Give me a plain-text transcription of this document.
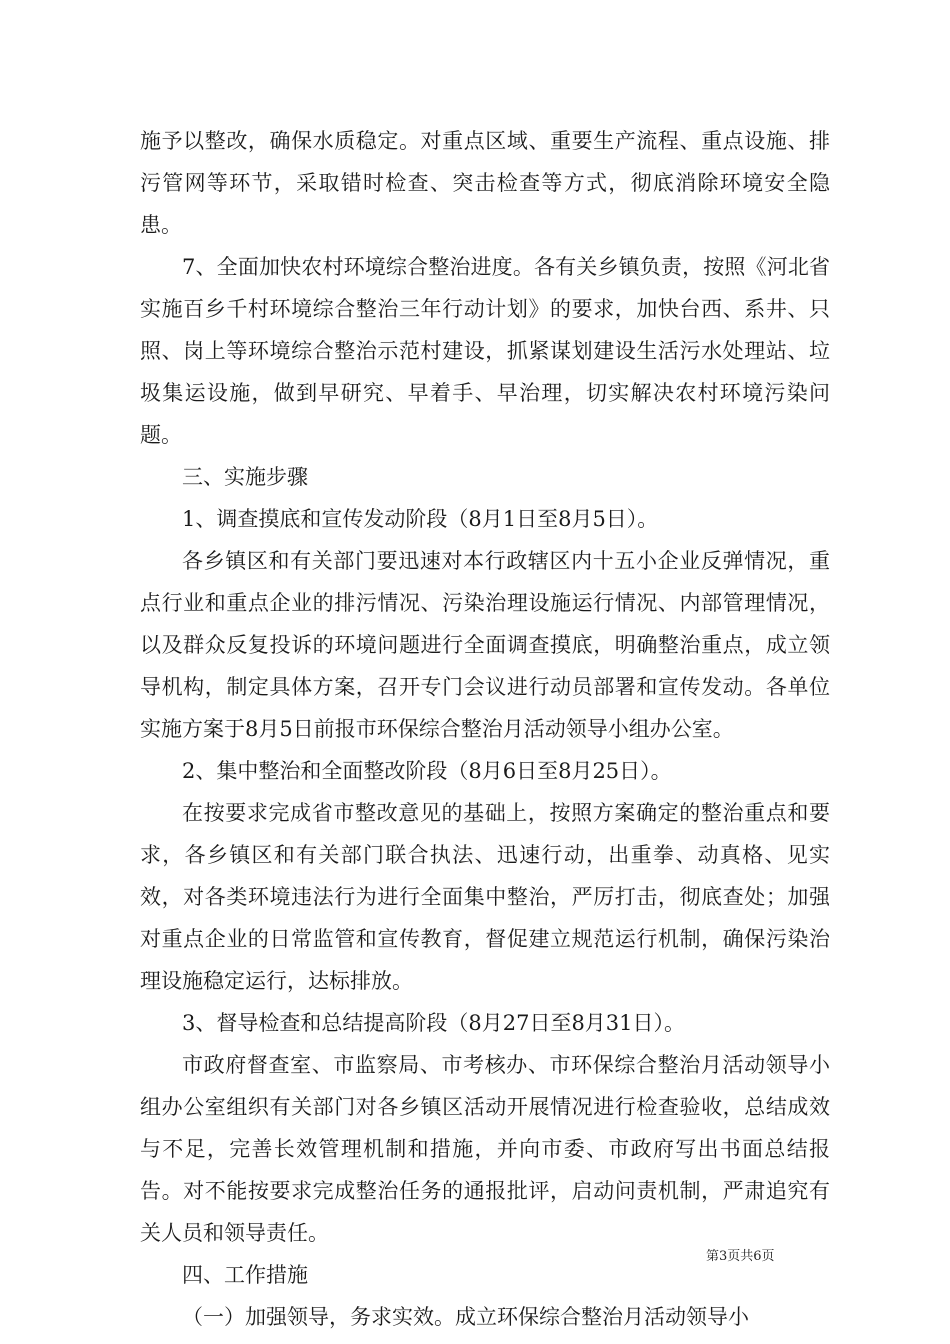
施予以整改，确保水质稳定。对重点区域、重要生产流程、重点设施、排污管网等环节，采取错时检查、突击检查等方式，彻底消除环境安全隐患。

7、全面加快农村环境综合整治进度。各有关乡镇负责，按照《河北省实施百乡千村环境综合整治三年行动计划》的要求，加快台西、系井、只照、岗上等环境综合整治示范村建设，抓紧谋划建设生活污水处理站、垃圾集运设施，做到早研究、早着手、早治理，切实解决农村环境污染问题。

三、实施步骤

1、调查摸底和宣传发动阶段（8月1日至8月5日）。

各乡镇区和有关部门要迅速对本行政辖区内十五小企业反弹情况，重点行业和重点企业的排污情况、污染治理设施运行情况、内部管理情况，以及群众反复投诉的环境问题进行全面调查摸底，明确整治重点，成立领导机构，制定具体方案，召开专门会议进行动员部署和宣传发动。各单位实施方案于8月5日前报市环保综合整治月活动领导小组办公室。

2、集中整治和全面整改阶段（8月6日至8月25日）。

在按要求完成省市整改意见的基础上，按照方案确定的整治重点和要求，各乡镇区和有关部门联合执法、迅速行动，出重拳、动真格、见实效，对各类环境违法行为进行全面集中整治，严厉打击，彻底查处；加强对重点企业的日常监管和宣传教育，督促建立规范运行机制，确保污染治理设施稳定运行，达标排放。

3、督导检查和总结提高阶段（8月27日至8月31日）。

市政府督查室、市监察局、市考核办、市环保综合整治月活动领导小组办公室组织有关部门对各乡镇区活动开展情况进行检查验收，总结成效与不足，完善长效管理机制和措施，并向市委、市政府写出书面总结报告。对不能按要求完成整治任务的通报批评，启动问责机制，严肃追究有关人员和领导责任。

四、工作措施

（一）加强领导，务求实效。成立环保综合整治月活动领导小

第3页共6页
